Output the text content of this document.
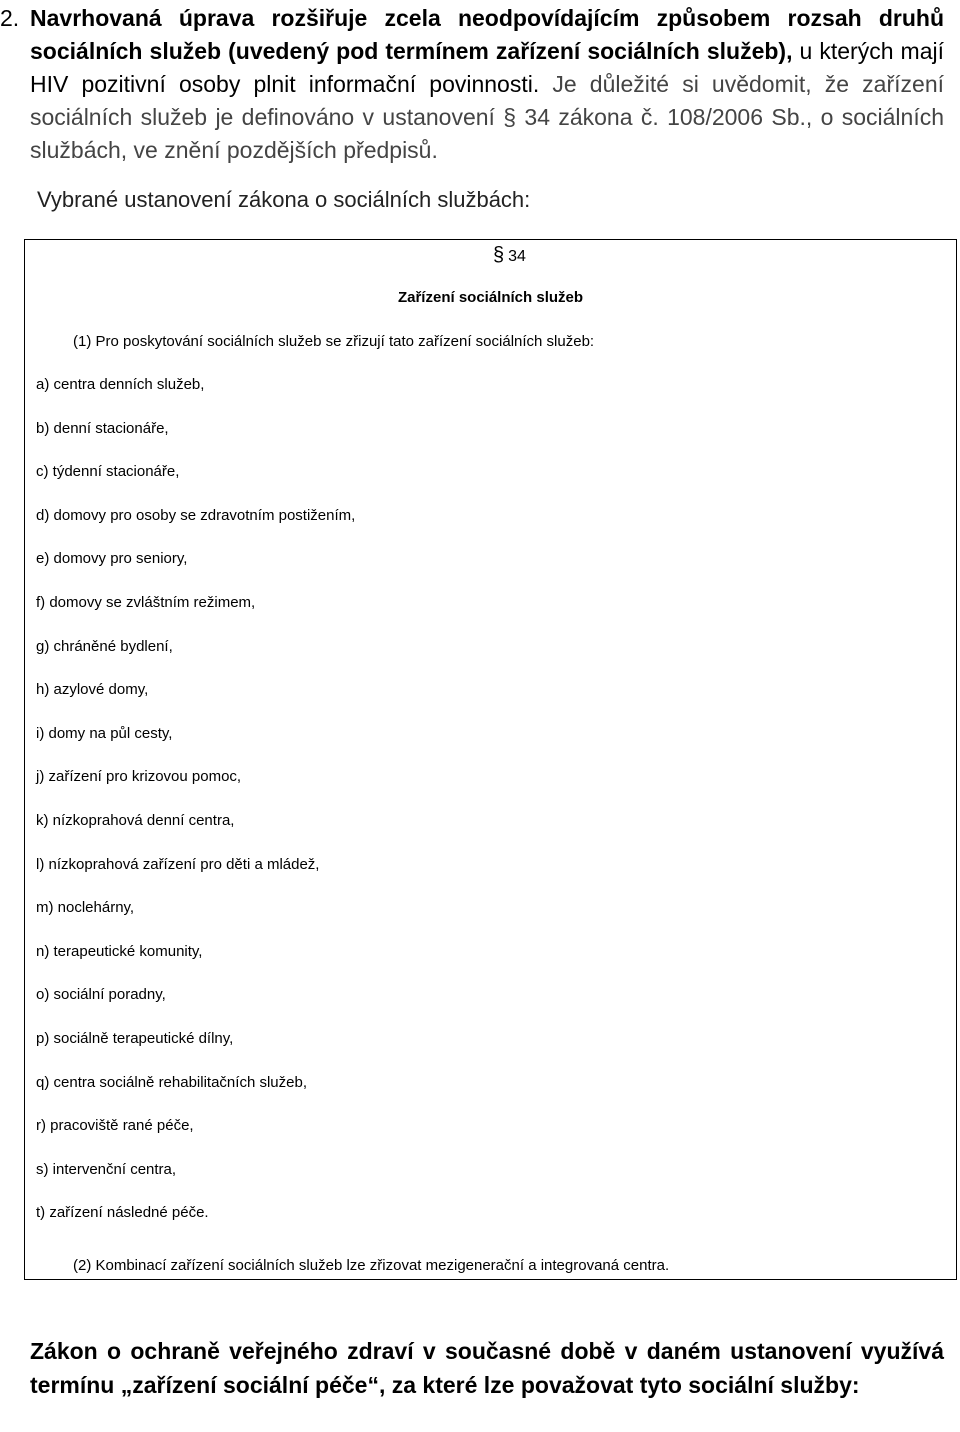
2. Navrhovaná úprava rozšiřuje zcela neodpovídajícím způsobem rozsah druhů sociálních služeb (uvedený pod termínem zařízení sociálních služeb), u kterých mají HIV pozitivní osoby plnit informační povinnosti. Je důležité si uvědomit, že zařízení sociálních služeb je definováno v ustanovení § 34 zákona č. 108/2006 Sb., o sociálních službách, ve znění pozdějších předpisů.

Vybrané ustanovení zákona o sociálních službách:
§ 34
Zařízení sociálních služeb
(1) Pro poskytování sociálních služeb se zřizují tato zařízení sociálních služeb:
a) centra denních služeb,
b) denní stacionáře,
c) týdenní stacionáře,
d) domovy pro osoby se zdravotním postižením,
e) domovy pro seniory,
f) domovy se zvláštním režimem,
g) chráněné bydlení,
h) azylové domy,
i) domy na půl cesty,
j) zařízení pro krizovou pomoc,
k) nízkoprahová denní centra,
l) nízkoprahová zařízení pro děti a mládež,
m) noclehárny,
n) terapeutické komunity,
o) sociální poradny,
p) sociálně terapeutické dílny,
q) centra sociálně rehabilitačních služeb,
r) pracoviště rané péče,
s) intervenční centra,
t) zařízení následné péče.
(2) Kombinací zařízení sociálních služeb lze zřizovat mezigenerační a integrovaná centra.

Zákon o ochraně veřejného zdraví v současné době v daném ustanovení využívá termínu „zařízení sociální péče“, za které lze považovat tyto sociální služby:
